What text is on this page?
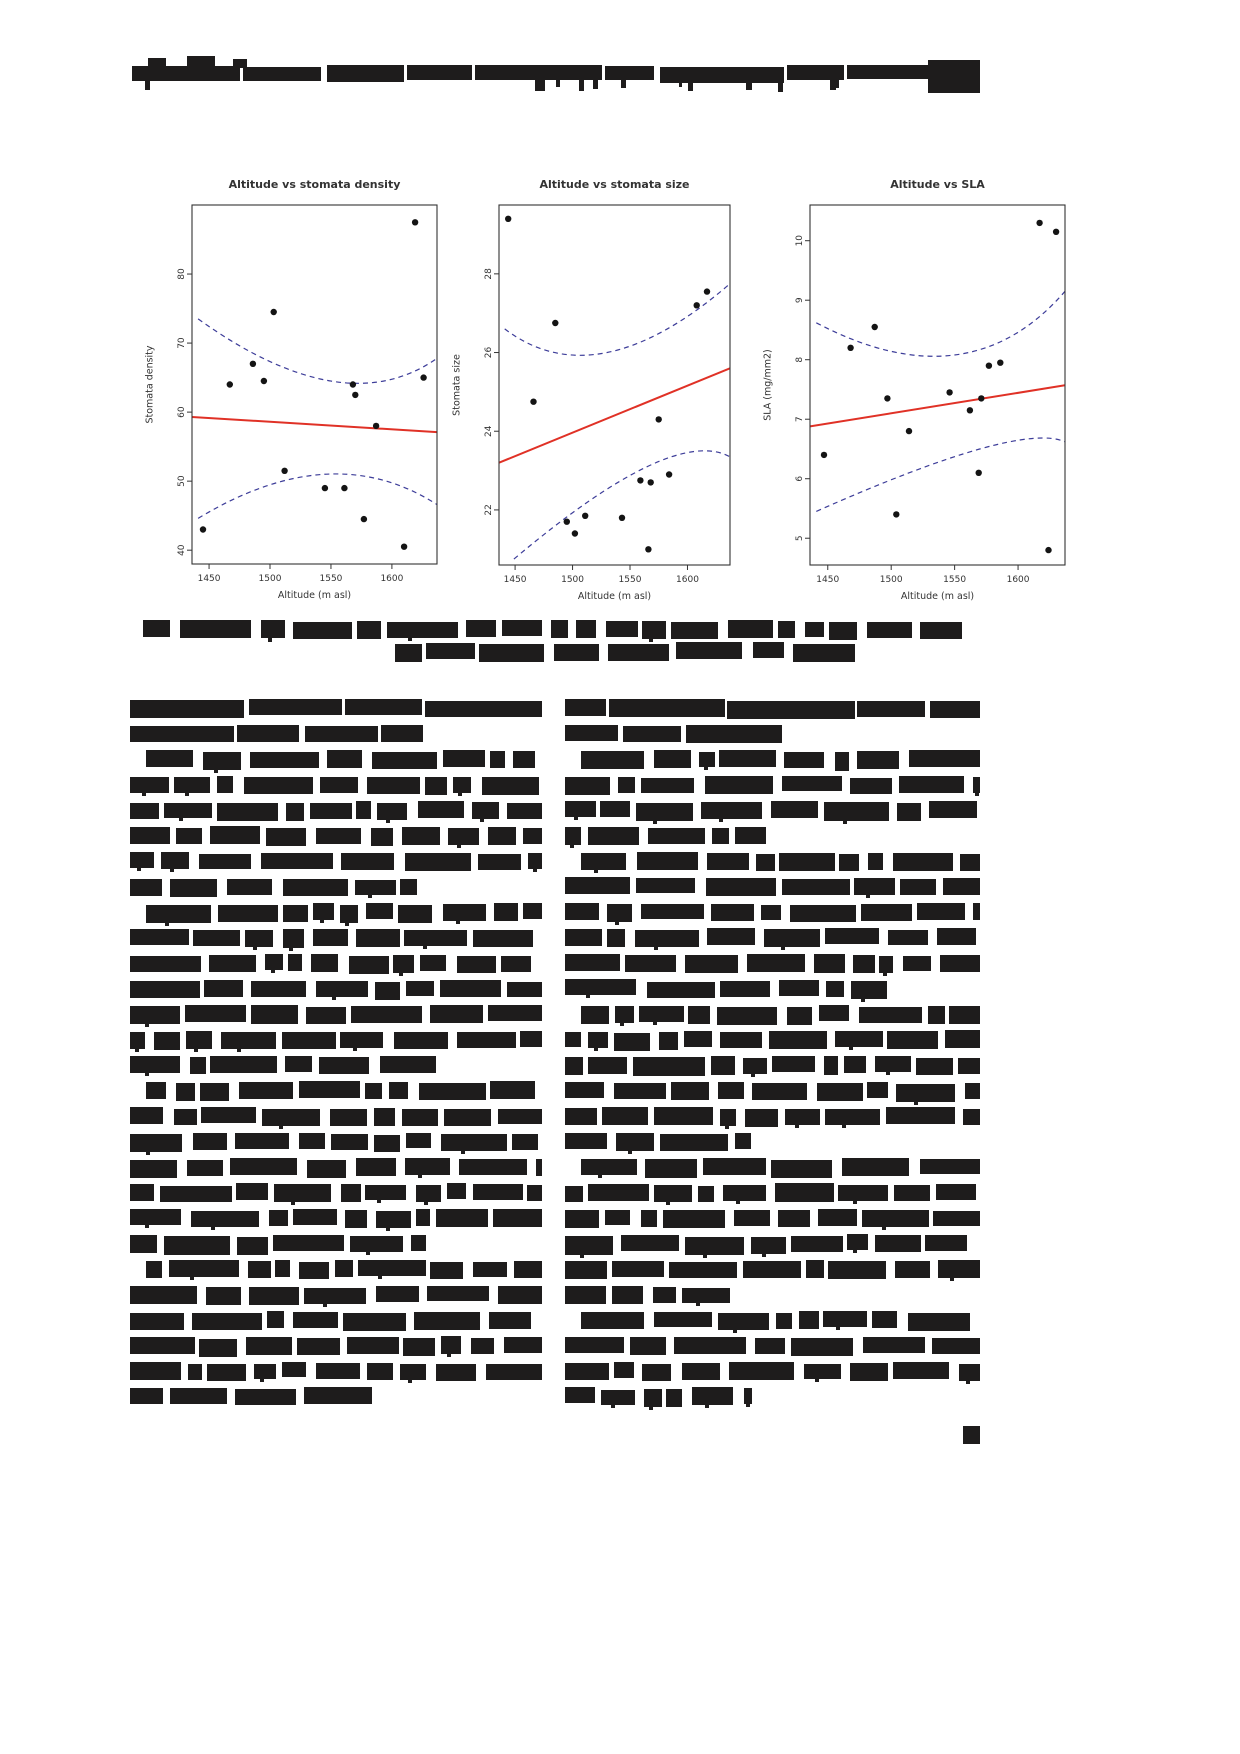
1450	1500	1550	1600
40
50
60
70
80
Altitude vs stomata density
Altitude (m asl)
Stomata density
1450	1500	1550	1600
22
24
26
28
Altitude vs stomata size
Altitude (m asl)
Stomata size
1450	1500	1550	1600
5
6
7
8
9
10
Altitude vs SLA
Altitude (m asl)
SLA (mg/mm2)
